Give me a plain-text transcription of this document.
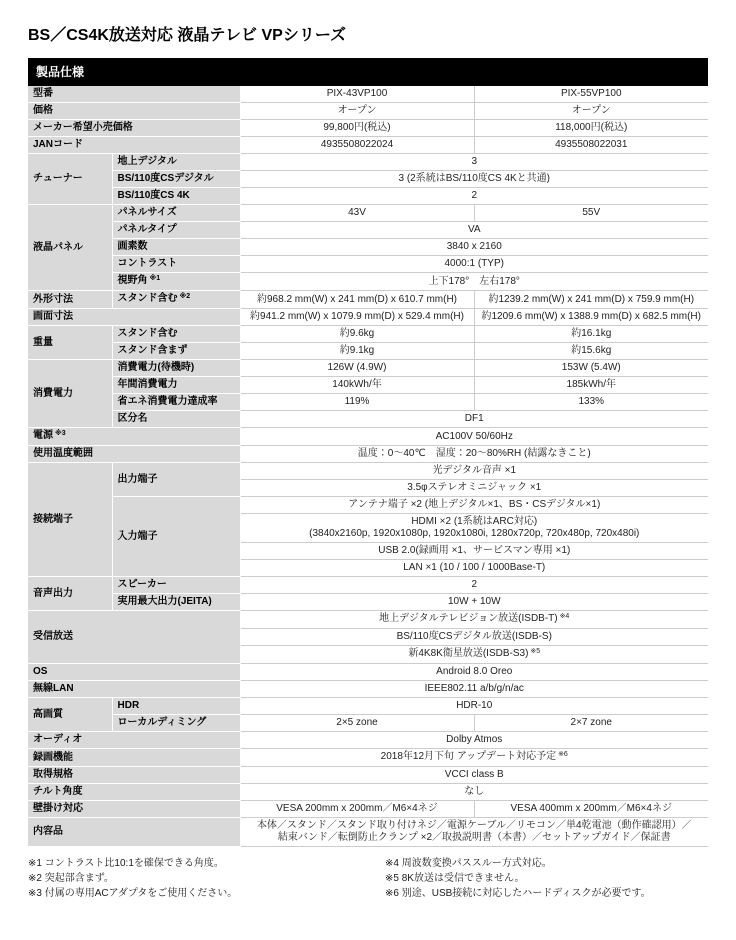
BS／CS4K放送対応 液晶テレビ VPシリーズ
製品仕様
型番		PIX-43VP100	PIX-55VP100
価格		オープン	オープン
メーカー希望小売価格		99,800円(税込)	118,000円(税込)
JANコード		4935508022024	4935508022031
チューナー	地上デジタル	3	
	BS/110度CSデジタル	3 (2系統はBS/110度CS 4Kと共通)	
	BS/110度CS 4K	2	
液晶パネル	パネルサイズ	43V	55V
	パネルタイプ	VA	
	画素数	3840 x 2160	
	コントラスト	4000:1 (TYP)	
	視野角 $^{※1}$	上下178°　左右178°	
外形寸法	スタンド含む $^{※2}$	約968.2 mm(W) x 241 mm(D) x 610.7 mm(H)	約1239.2 mm(W) x 241 mm(D) x 759.9 mm(H)
画面寸法		約941.2 mm(W) x 1079.9 mm(D) x 529.4 mm(H)	約1209.6 mm(W) x 1388.9 mm(D) x 682.5 mm(H)
重量	スタンド含む	約9.6kg	約16.1kg
	スタンド含まず	約9.1kg	約15.6kg
消費電力	消費電力(待機時)	126W (4.9W)	153W (5.4W)
	年間消費電力	140kWh/年	185kWh/年
	省エネ消費電力達成率	119%	133%
	区分名	DF1	
電源 $^{※3}$		AC100V 50/60Hz	
使用温度範囲		温度：0～40℃　湿度：20～80%RH (結露なきこと)	
接続端子	出力端子	光デジタル音声 ×1	
		3.5φステレオミニジャック ×1	
	入力端子	アンテナ端子 ×2 (地上デジタル×1、BS・CSデジタル×1)	
		HDMI ×2 (1系統はARC対応)
(3840x2160p, 1920x1080p, 1920x1080i, 1280x720p, 720x480p, 720x480i)	
		USB 2.0(録画用 ×1、サービスマン専用 ×1)	
		LAN ×1 (10 / 100 / 1000Base-T)	
音声出力	スピーカー	2	
	実用最大出力(JEITA)	10W + 10W	
受信放送		地上デジタルテレビジョン放送(ISDB-T) $^{※4}$
		BS/110度CSデジタル放送(ISDB-S)	
		新4K8K衛星放送(ISDB-S3) $^{※5}$
OS		Android 8.0 Oreo	
無線LAN		IEEE802.11 a/b/g/n/ac	
高画質	HDR	HDR-10	
	ローカルディミング	2×5 zone	2×7 zone
オーディオ		Dolby Atmos	
録画機能		2018年12月下旬 アップデート対応予定 $^{※6}$
取得規格		VCCI class B	
チルト角度		なし	
壁掛け対応		VESA 200mm x 200mm／M6×4ネジ	VESA 400mm x 200mm／M6×4ネジ
内容品		本体／スタンド／スタンド取り付けネジ／電源ケーブル／リモコン／単4乾電池（動作確認用）／
結束バンド／転倒防止クランプ ×2／取扱説明書（本書）／セットアップガイド／保証書	

※1 コントラスト比10:1を確保できる角度。

※2 突起部含まず。

※3 付属の専用ACアダプタをご使用ください。

※4 周波数変換パススルー方式対応。

※5 8K放送は受信できません。

※6 別途、USB接続に対応したハードディスクが必要です。
